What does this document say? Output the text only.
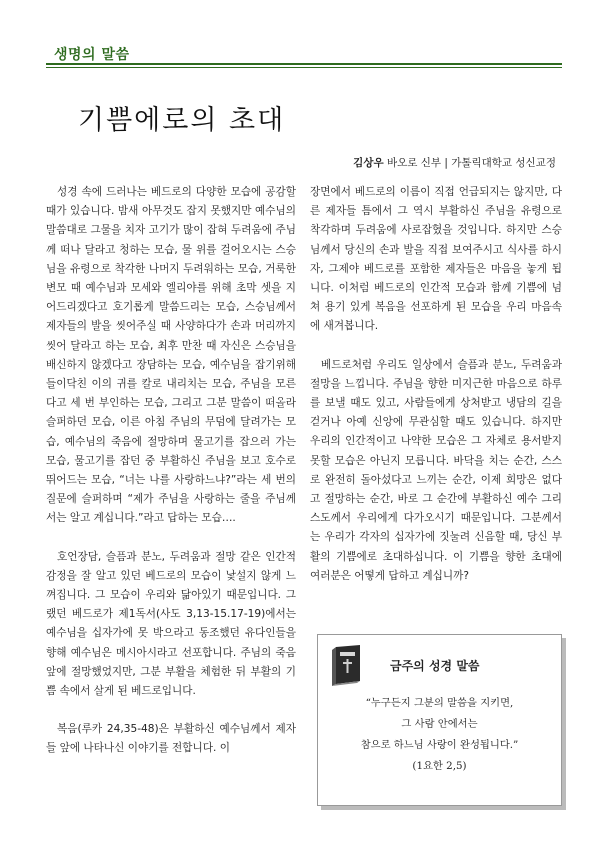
생명의 말씀
기쁨에로의 초대
김상우 바오로 신부 | 가톨릭대학교 성신교정

성경 속에 드러나는 베드로의 다양한 모습에 공감할 때가 있습니다. 밤새 아무것도 잡지 못했지만 예수님의 말씀대로 그물을 치자 고기가 많이 잡혀 두려움에 주님께 떠나 달라고 청하는 모습, 물 위를 걸어오시는 스승님을 유령으로 착각한 나머지 두려워하는 모습, 거룩한 변모 때 예수님과 모세와 엘리야를 위해 초막 셋을 지어드리겠다고 호기롭게 말씀드리는 모습, 스승님께서 제자들의 발을 씻어주실 때 사양하다가 손과 머리까지 씻어 달라고 하는 모습, 최후 만찬 때 자신은 스승님을 배신하지 않겠다고 장담하는 모습, 예수님을 잡기위해 들이닥친 이의 귀를 칼로 내리치는 모습, 주님을 모른다고 세 번 부인하는 모습, 그리고 그분 말씀이 떠올라 슬퍼하던 모습, 이른 아침 주님의 무덤에 달려가는 모습, 예수님의 죽음에 절망하며 물고기를 잡으러 가는 모습, 물고기를 잡던 중 부활하신 주님을 보고 호수로 뛰어드는 모습, “너는 나를 사랑하느냐?”라는 세 번의 질문에 슬퍼하며 “제가 주님을 사랑하는 줄을 주님께서는 알고 계십니다.”라고 답하는 모습….

호언장담, 슬픔과 분노, 두려움과 절망 같은 인간적 감정을 잘 알고 있던 베드로의 모습이 낯설지 않게 느껴집니다. 그 모습이 우리와 닮아있기 때문입니다. 그랬던 베드로가 제1독서(사도 3,13-15.17-19)에서는 예수님을 십자가에 못 박으라고 동조했던 유다인들을 향해 예수님은 메시아시라고 선포합니다. 주님의 죽음 앞에 절망했었지만, 그분 부활을 체험한 뒤 부활의 기쁨 속에서 살게 된 베드로입니다.

복음(루카 24,35-48)은 부활하신 예수님께서 제자들 앞에 나타나신 이야기를 전합니다. 이

장면에서 베드로의 이름이 직접 언급되지는 않지만, 다른 제자들 틈에서 그 역시 부활하신 주님을 유령으로 착각하며 두려움에 사로잡혔을 것입니다. 하지만 스승님께서 당신의 손과 발을 직접 보여주시고 식사를 하시자, 그제야 베드로를 포함한 제자들은 마음을 놓게 됩니다. 이처럼 베드로의 인간적 모습과 함께 기쁨에 넘쳐 용기 있게 복음을 선포하게 된 모습을 우리 마음속에 새겨봅니다.

베드로처럼 우리도 일상에서 슬픔과 분노, 두려움과 절망을 느낍니다. 주님을 향한 미지근한 마음으로 하루를 보낼 때도 있고, 사람들에게 상처받고 냉담의 길을 걷거나 아예 신앙에 무관심할 때도 있습니다. 하지만 우리의 인간적이고 나약한 모습은 그 자체로 용서받지 못할 모습은 아닌지 모릅니다. 바닥을 치는 순간, 스스로 완전히 돌아섰다고 느끼는 순간, 이제 희망은 없다고 절망하는 순간, 바로 그 순간에 부활하신 예수 그리스도께서 우리에게 다가오시기 때문입니다. 그분께서는 우리가 각자의 십자가에 짓눌려 신음할 때, 당신 부활의 기쁨에로 초대하십니다. 이 기쁨을 향한 초대에 여러분은 어떻게 답하고 계십니까?

금주의 성경 말씀
“누구든지 그분의 말씀을 지키면,
그 사람 안에서는
참으로 하느님 사랑이 완성됩니다.”
(1요한 2,5)
